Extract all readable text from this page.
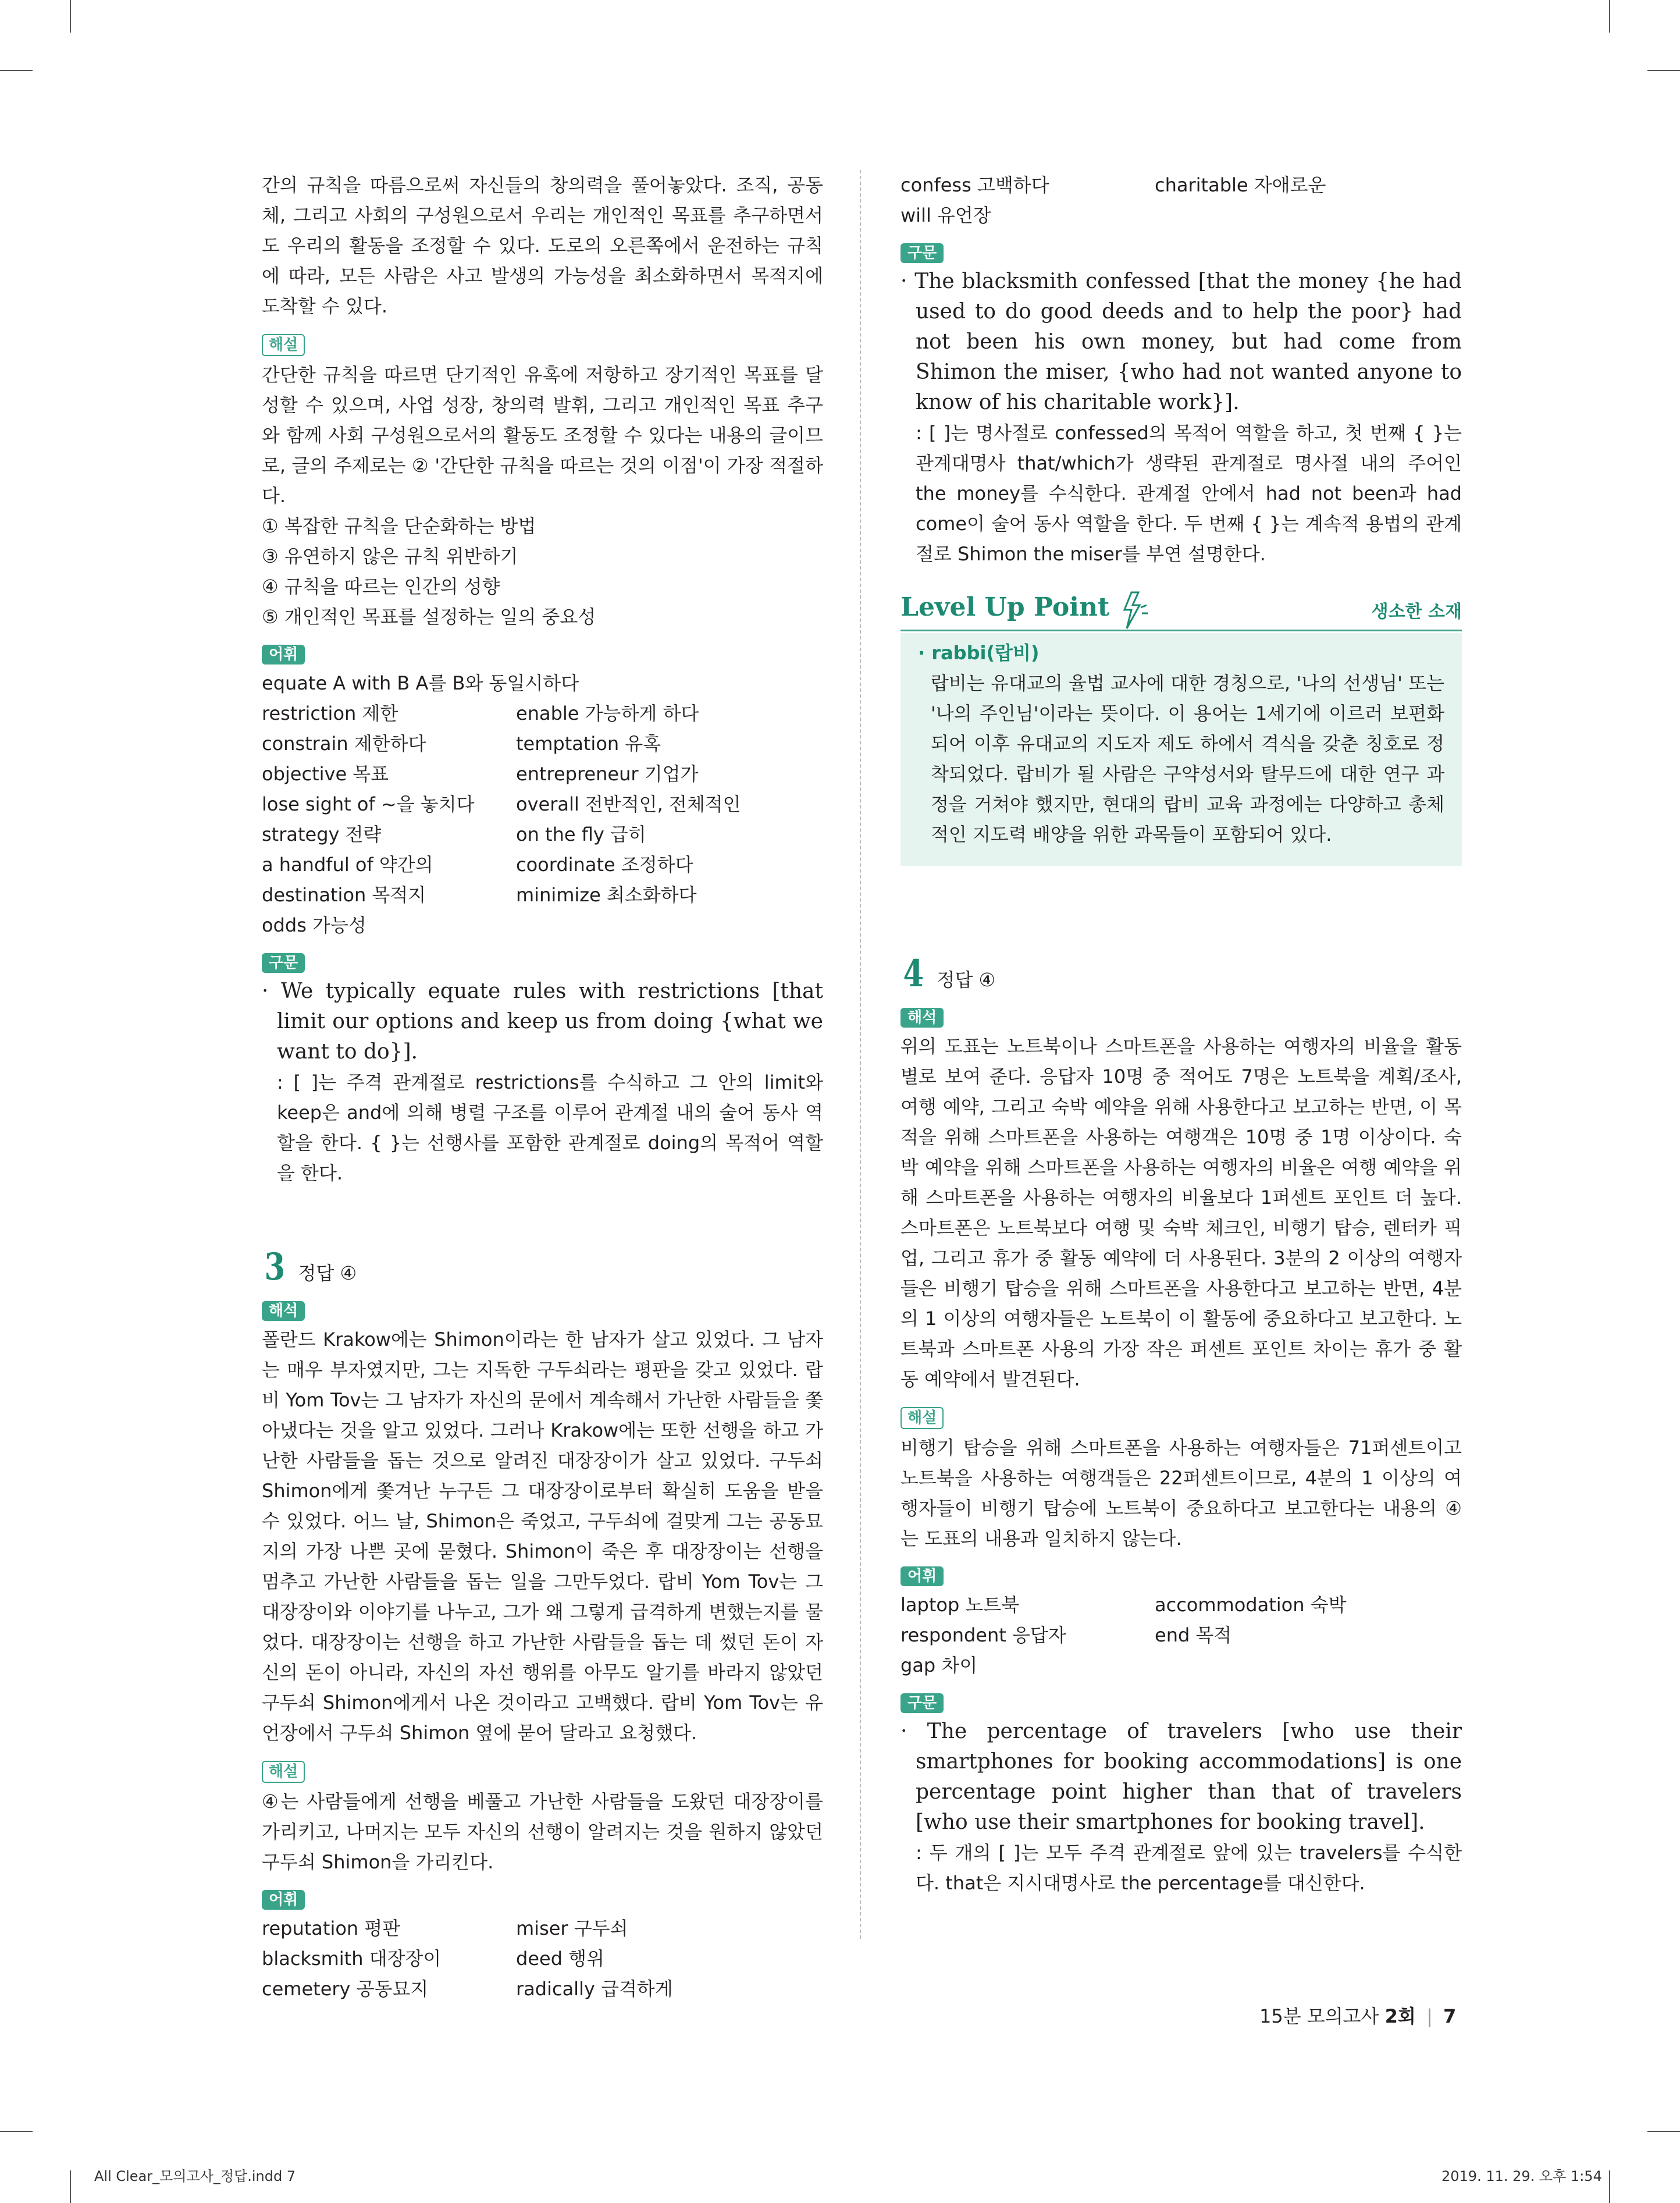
간의 규칙을 따름으로써 자신들의 창의력을 풀어놓았다. 조직, 공동체, 그리고 사회의 구성원으로서 우리는 개인적인 목표를 추구하면서도 우리의 활동을 조정할 수 있다. 도로의 오른쪽에서 운전하는 규칙에 따라, 모든 사람은 사고 발생의 가능성을 최소화하면서 목적지에 도착할 수 있다.

해설

간단한 규칙을 따르면 단기적인 유혹에 저항하고 장기적인 목표를 달성할 수 있으며, 사업 성장, 창의력 발휘, 그리고 개인적인 목표 추구와 함께 사회 구성원으로서의 활동도 조정할 수 있다는 내용의 글이므로, 글의 주제로는 ② '간단한 규칙을 따르는 것의 이점'이 가장 적절하다.

① 복잡한 규칙을 단순화하는 방법
③ 유연하지 않은 규칙 위반하기
④ 규칙을 따르는 인간의 성향
⑤ 개인적인 목표를 설정하는 일의 중요성
어휘
equate A with B A를 B와 동일시하다
restriction 제한	enable 가능하게 하다
constrain 제한하다	temptation 유혹
objective 목표	entrepreneur 기업가
lose sight of ~을 놓치다	overall 전반적인, 전체적인
strategy 전략	on the fly 급히
a handful of 약간의	coordinate 조정하다
destination 목적지	minimize 최소화하다
odds 가능성
구문

· We typically equate rules with restrictions [that limit our options and keep us from doing {what we want to do}].

: [ ]는 주격 관계절로 restrictions를 수식하고 그 안의 limit와 keep은 and에 의해 병렬 구조를 이루어 관계절 내의 술어 동사 역할을 한다. { }는 선행사를 포함한 관계절로 doing의 목적어 역할을 한다.

3 정답 ④
해석

폴란드 Krakow에는 Shimon이라는 한 남자가 살고 있었다. 그 남자는 매우 부자였지만, 그는 지독한 구두쇠라는 평판을 갖고 있었다. 랍비 Yom Tov는 그 남자가 자신의 문에서 계속해서 가난한 사람들을 쫓아냈다는 것을 알고 있었다. 그러나 Krakow에는 또한 선행을 하고 가난한 사람들을 돕는 것으로 알려진 대장장이가 살고 있었다. 구두쇠 Shimon에게 쫓겨난 누구든 그 대장장이로부터 확실히 도움을 받을 수 있었다. 어느 날, Shimon은 죽었고, 구두쇠에 걸맞게 그는 공동묘지의 가장 나쁜 곳에 묻혔다. Shimon이 죽은 후 대장장이는 선행을 멈추고 가난한 사람들을 돕는 일을 그만두었다. 랍비 Yom Tov는 그 대장장이와 이야기를 나누고, 그가 왜 그렇게 급격하게 변했는지를 물었다. 대장장이는 선행을 하고 가난한 사람들을 돕는 데 썼던 돈이 자신의 돈이 아니라, 자신의 자선 행위를 아무도 알기를 바라지 않았던 구두쇠 Shimon에게서 나온 것이라고 고백했다. 랍비 Yom Tov는 유언장에서 구두쇠 Shimon 옆에 묻어 달라고 요청했다.

해설

④는 사람들에게 선행을 베풀고 가난한 사람들을 도왔던 대장장이를 가리키고, 나머지는 모두 자신의 선행이 알려지는 것을 원하지 않았던 구두쇠 Shimon을 가리킨다.

어휘
reputation 평판	miser 구두쇠
blacksmith 대장장이	deed 행위
cemetery 공동묘지	radically 급격하게
confess 고백하다	charitable 자애로운
will 유언장
구문

· The blacksmith confessed [that the money {he had used to do good deeds and to help the poor} had not been his own money, but had come from Shimon the miser, {who had not wanted anyone to know of his charitable work}].

: [ ]는 명사절로 confessed의 목적어 역할을 하고, 첫 번째 { }는 관계대명사 that/which가 생략된 관계절로 명사절 내의 주어인 the money를 수식한다. 관계절 안에서 had not been과 had come이 술어 동사 역할을 한다. 두 번째 { }는 계속적 용법의 관계절로 Shimon the miser를 부연 설명한다.

Level Up Point	생소한 소재
· rabbi(랍비)
랍비는 유대교의 율법 교사에 대한 경칭으로, '나의 선생님' 또는 '나의 주인님'이라는 뜻이다. 이 용어는 1세기에 이르러 보편화되어 이후 유대교의 지도자 제도 하에서 격식을 갖춘 칭호로 정착되었다. 랍비가 될 사람은 구약성서와 탈무드에 대한 연구 과정을 거쳐야 했지만, 현대의 랍비 교육 과정에는 다양하고 총체적인 지도력 배양을 위한 과목들이 포함되어 있다.
4 정답 ④
해석

위의 도표는 노트북이나 스마트폰을 사용하는 여행자의 비율을 활동별로 보여 준다. 응답자 10명 중 적어도 7명은 노트북을 계획/조사, 여행 예약, 그리고 숙박 예약을 위해 사용한다고 보고하는 반면, 이 목적을 위해 스마트폰을 사용하는 여행객은 10명 중 1명 이상이다. 숙박 예약을 위해 스마트폰을 사용하는 여행자의 비율은 여행 예약을 위해 스마트폰을 사용하는 여행자의 비율보다 1퍼센트 포인트 더 높다. 스마트폰은 노트북보다 여행 및 숙박 체크인, 비행기 탑승, 렌터카 픽업, 그리고 휴가 중 활동 예약에 더 사용된다. 3분의 2 이상의 여행자들은 비행기 탑승을 위해 스마트폰을 사용한다고 보고하는 반면, 4분의 1 이상의 여행자들은 노트북이 이 활동에 중요하다고 보고한다. 노트북과 스마트폰 사용의 가장 작은 퍼센트 포인트 차이는 휴가 중 활동 예약에서 발견된다.

해설

비행기 탑승을 위해 스마트폰을 사용하는 여행자들은 71퍼센트이고 노트북을 사용하는 여행객들은 22퍼센트이므로, 4분의 1 이상의 여행자들이 비행기 탑승에 노트북이 중요하다고 보고한다는 내용의 ④는 도표의 내용과 일치하지 않는다.

어휘
laptop 노트북	accommodation 숙박
respondent 응답자	end 목적
gap 차이
구문

· The percentage of travelers [who use their smartphones for booking accommodations] is one percentage point higher than that of travelers [who use their smartphones for booking travel].

: 두 개의 [ ]는 모두 주격 관계절로 앞에 있는 travelers를 수식한다. that은 지시대명사로 the percentage를 대신한다.

15분 모의고사 2회 | 7
All Clear_모의고사_정답.indd 7	2019. 11. 29. 오후 1:54
